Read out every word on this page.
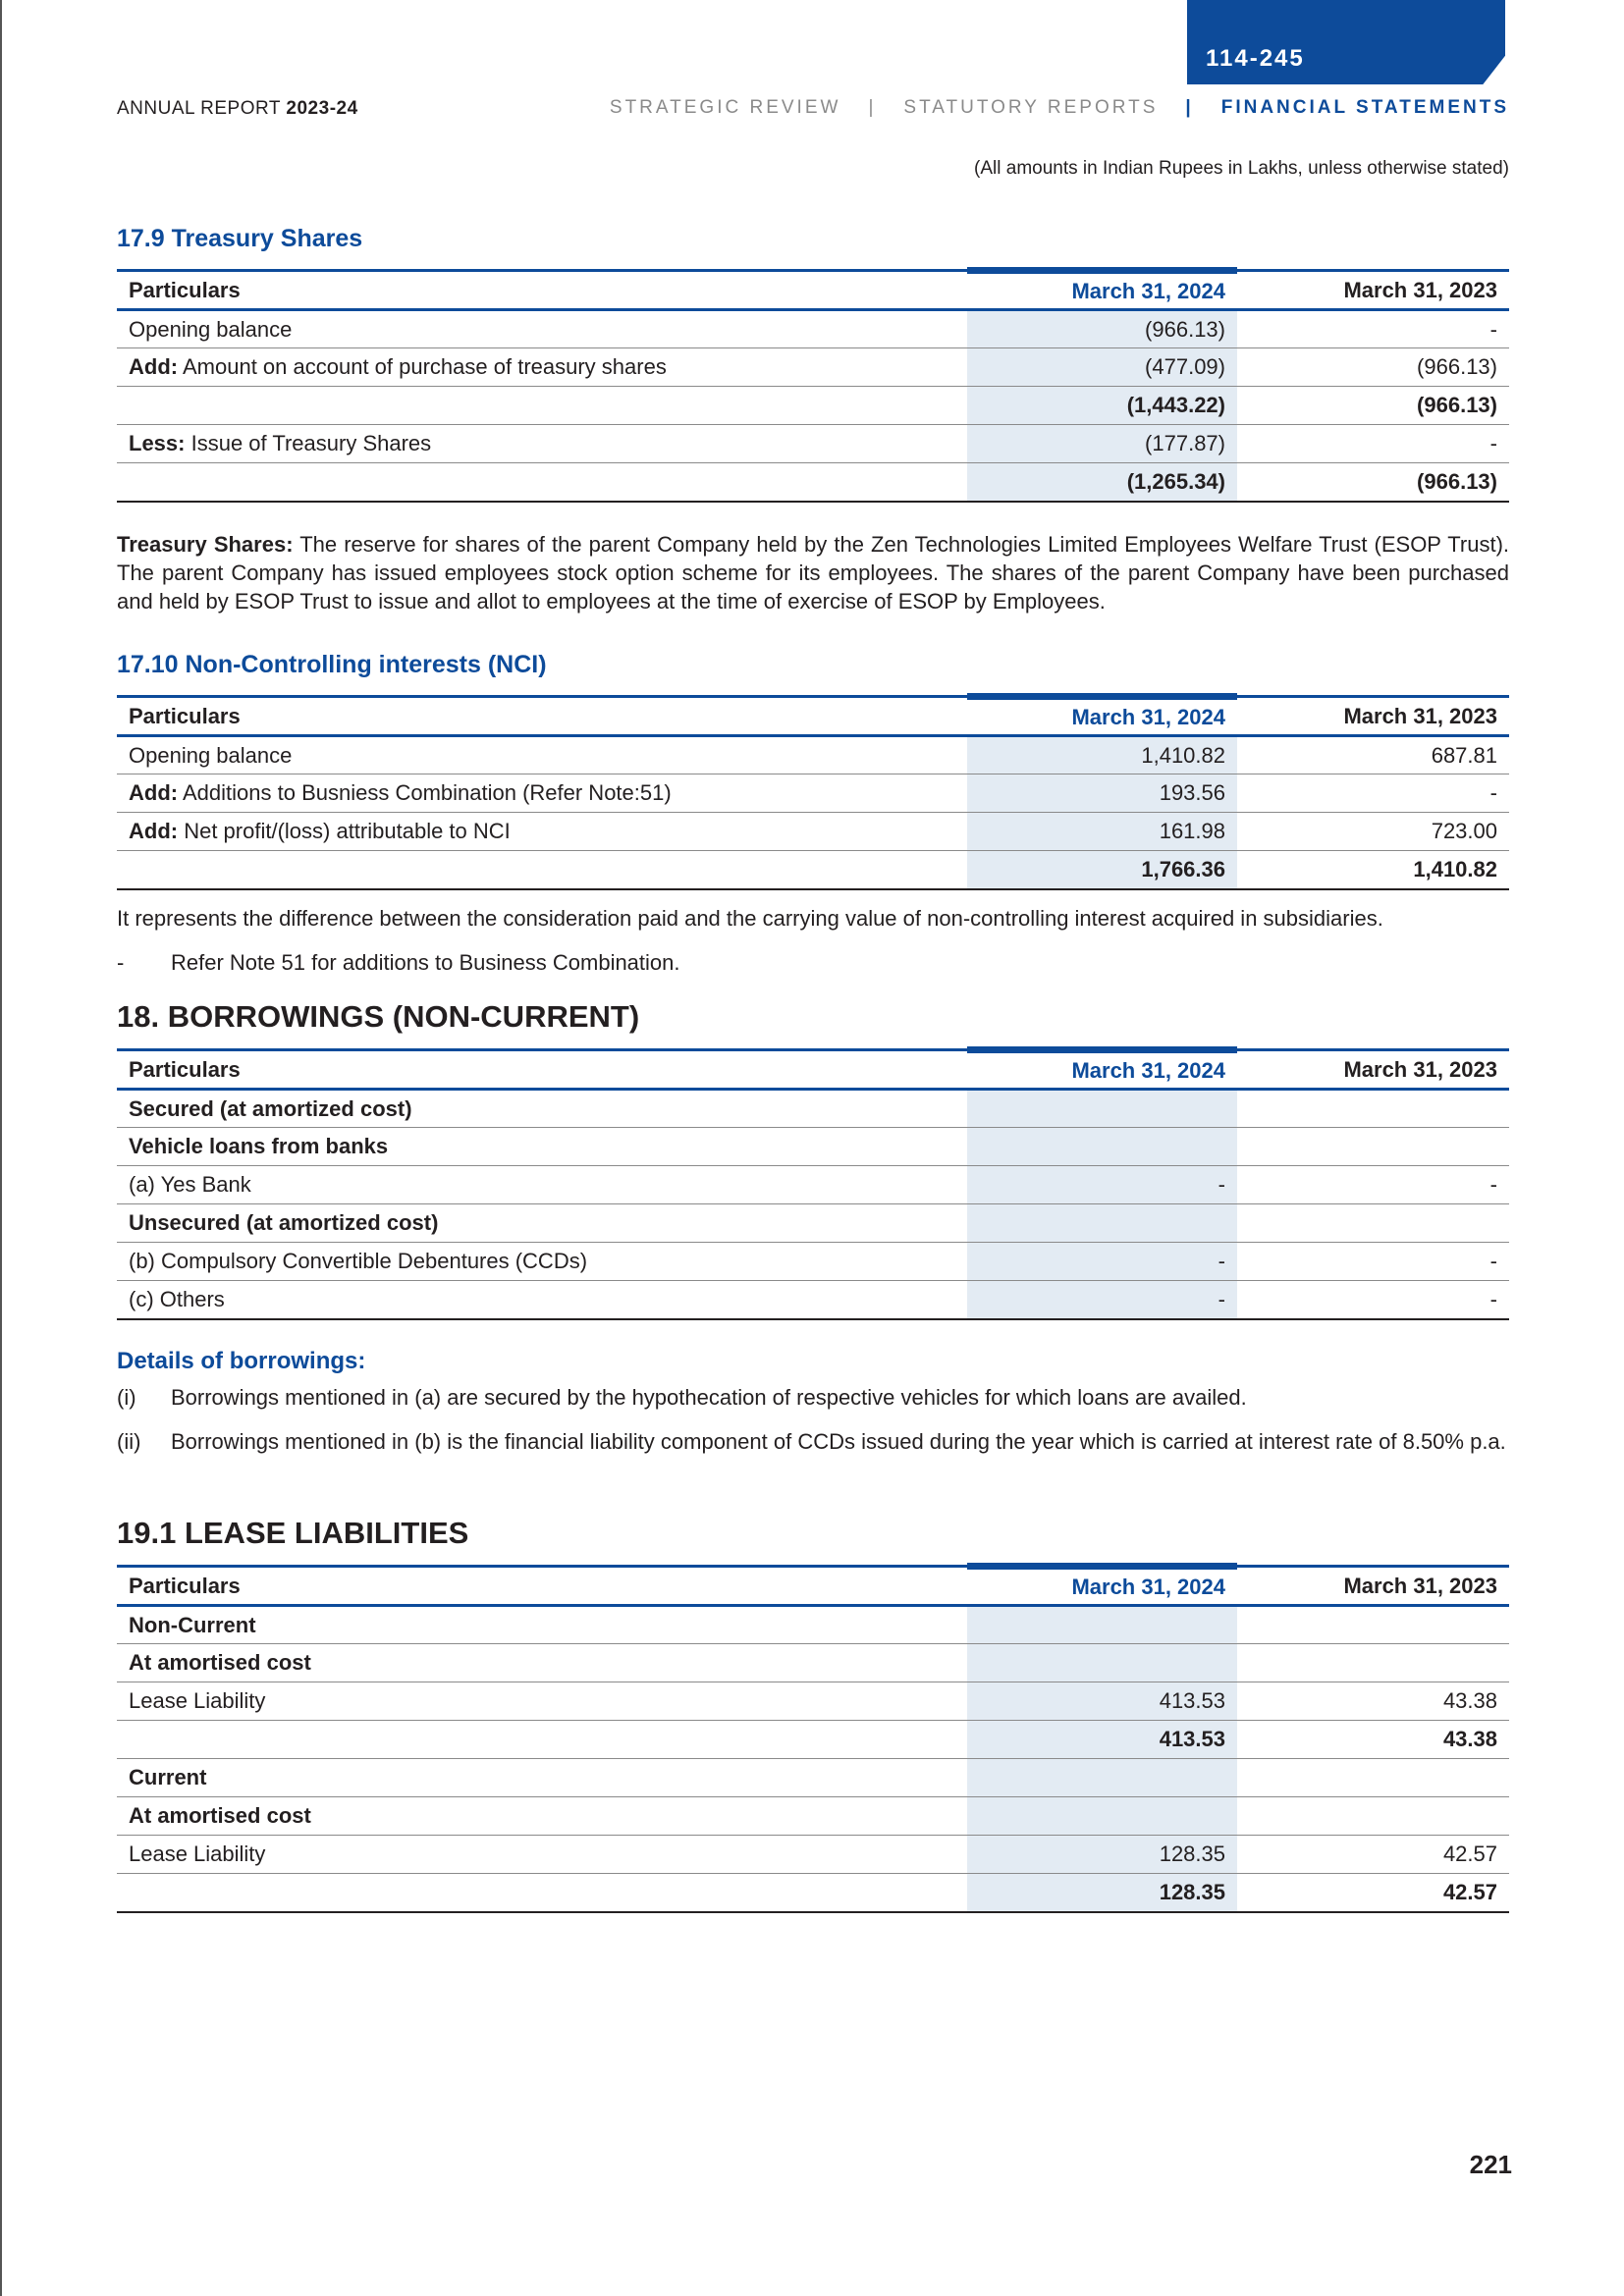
114-245
ANNUAL REPORT 2023-24	STRATEGIC REVIEW | STATUTORY REPORTS | FINANCIAL STATEMENTS
(All amounts in Indian Rupees in Lakhs, unless otherwise stated)
17.9 Treasury Shares
Particulars	March 31, 2024	March 31, 2023
Opening balance	(966.13)	-
Add: Amount on account of purchase of treasury shares	(477.09)	(966.13)
	(1,443.22)	(966.13)
Less: Issue of Treasury Shares	(177.87)	-
	(1,265.34)	(966.13)

Treasury Shares: The reserve for shares of the parent Company held by the Zen Technologies Limited Employees Welfare Trust (ESOP Trust). The parent Company has issued employees stock option scheme for its employees. The shares of the parent Company have been purchased and held by ESOP Trust to issue and allot to employees at the time of exercise of ESOP by Employees.

17.10 Non-Controlling interests (NCI)
Particulars	March 31, 2024	March 31, 2023
Opening balance	1,410.82	687.81
Add: Additions to Busniess Combination (Refer Note:51)	193.56	-
Add: Net profit/(loss) attributable to NCI	161.98	723.00
	1,766.36	1,410.82

It represents the difference between the consideration paid and the carrying value of non-controlling interest acquired in subsidiaries.

- Refer Note 51 for additions to Business Combination.
18. BORROWINGS (NON-CURRENT)
Particulars	March 31, 2024	March 31, 2023
Secured (at amortized cost)		
Vehicle loans from banks		
(a) Yes Bank	-	-
Unsecured (at amortized cost)		
(b) Compulsory Convertible Debentures (CCDs)	-	-
(c) Others	-	-
Details of borrowings:
(i) Borrowings mentioned in (a) are secured by the hypothecation of respective vehicles for which loans are availed.
(ii) Borrowings mentioned in (b) is the financial liability component of CCDs issued during the year which is carried at interest rate of 8.50% p.a.
19.1 LEASE LIABILITIES
Particulars	March 31, 2024	March 31, 2023
Non-Current		
At amortised cost		
Lease Liability	413.53	43.38
	413.53	43.38
Current		
At amortised cost		
Lease Liability	128.35	42.57
	128.35	42.57
221
